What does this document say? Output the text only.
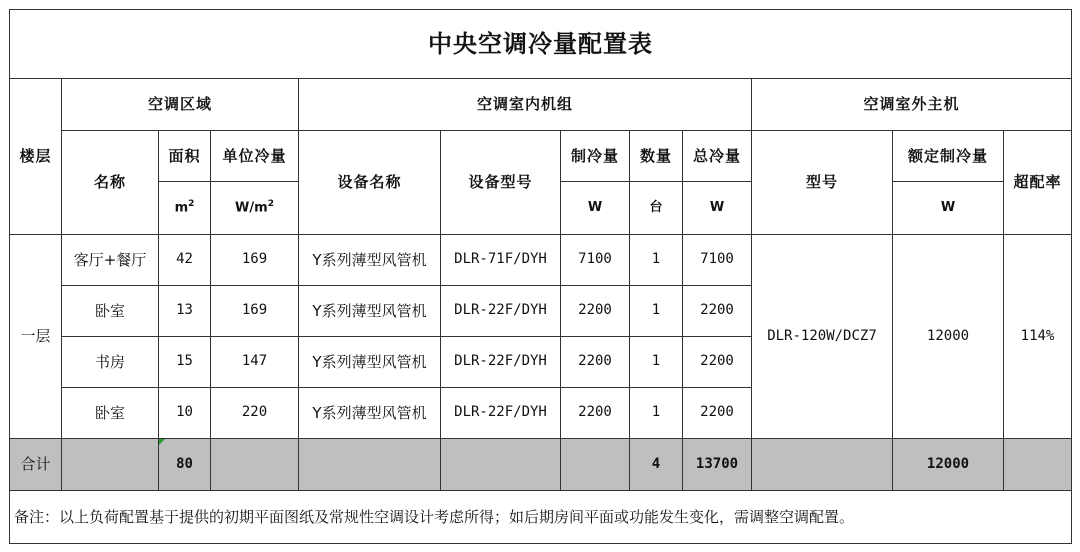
中央空调冷量配置表											
楼层	空调区域			空调室内机组					空调室外主机		
	名称	面积	单位冷量	设备名称	设备型号	制冷量	数量	总冷量	型号	额定制冷量	超配率
		$m^2$	$W/m^2$			W	台	W		W	
一层	客厅+餐厅	42	169	Y系列薄型风管机	DLR-71F/DYH	7100	1	7100	DLR-120W/DCZ7	12000	114%
	卧室	13	169	Y系列薄型风管机	DLR-22F/DYH	2200	1	2200			
	书房	15	147	Y系列薄型风管机	DLR-22F/DYH	2200	1	2200			
	卧室	10	220	Y系列薄型风管机	DLR-22F/DYH	2200	1	2200			
合计		80					4	13700		12000	
备注：以上负荷配置基于提供的初期平面图纸及常规性空调设计考虑所得；如后期房间平面或功能发生变化，需调整空调配置。											
